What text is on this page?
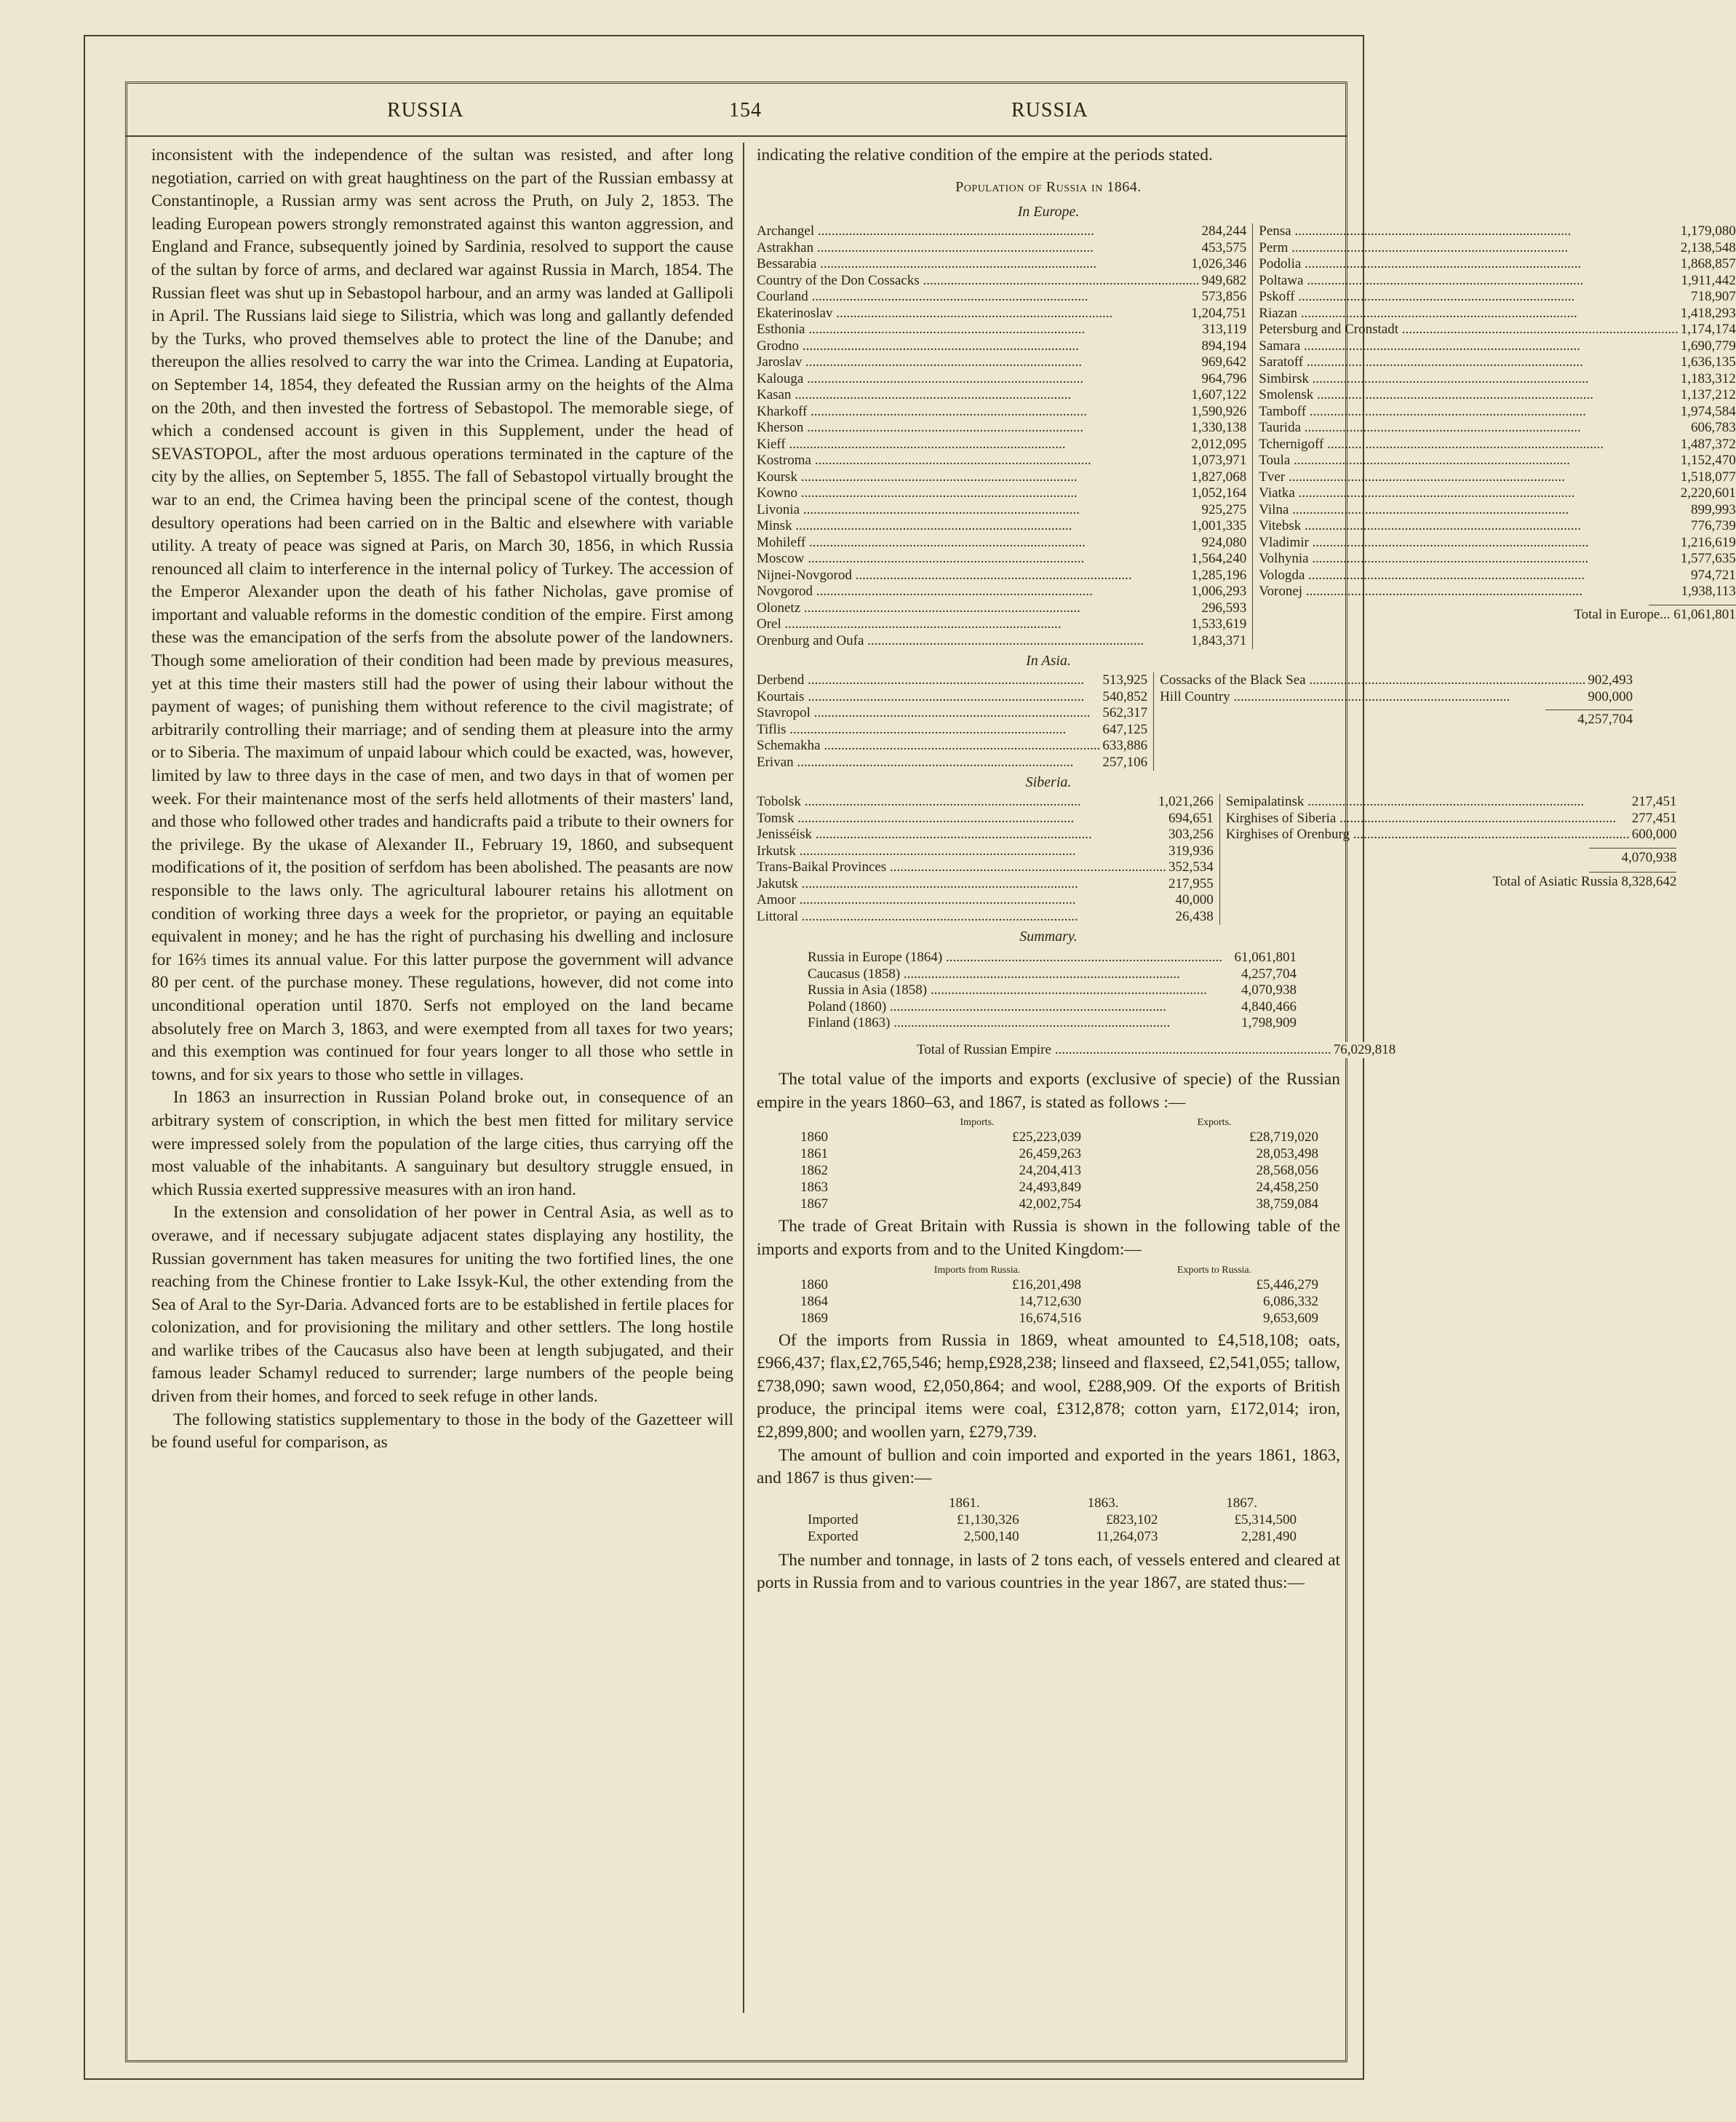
RUSSIA	154	RUSSIA

inconsistent with the independence of the sultan was resisted, and after long negotiation, carried on with great haughtiness on the part of the Russian embassy at Constantinople, a Russian army was sent across the Pruth, on July 2, 1853. The leading European powers strongly remonstrated against this wanton aggression, and England and France, subsequently joined by Sardinia, resolved to support the cause of the sultan by force of arms, and declared war against Russia in March, 1854. The Russian fleet was shut up in Sebastopol harbour, and an army was landed at Gallipoli in April. The Russians laid siege to Silistria, which was long and gallantly defended by the Turks, who proved themselves able to protect the line of the Danube; and thereupon the allies resolved to carry the war into the Crimea. Landing at Eupatoria, on September 14, 1854, they defeated the Russian army on the heights of the Alma on the 20th, and then invested the fortress of Sebastopol. The memorable siege, of which a condensed account is given in this Supplement, under the head of SEVASTOPOL, after the most arduous operations terminated in the capture of the city by the allies, on September 5, 1855. The fall of Sebastopol virtually brought the war to an end, the Crimea having been the principal scene of the contest, though desultory operations had been carried on in the Baltic and elsewhere with variable utility. A treaty of peace was signed at Paris, on March 30, 1856, in which Russia renounced all claim to interference in the internal policy of Turkey. The accession of the Emperor Alexander upon the death of his father Nicholas, gave promise of important and valuable reforms in the domestic condition of the empire. First among these was the emancipation of the serfs from the absolute power of the landowners. Though some amelioration of their condition had been made by previous measures, yet at this time their masters still had the power of using their labour without the payment of wages; of punishing them without reference to the civil magistrate; of arbitrarily controlling their marriage; and of sending them at pleasure into the army or to Siberia. The maximum of unpaid labour which could be exacted, was, however, limited by law to three days in the case of men, and two days in that of women per week. For their maintenance most of the serfs held allotments of their masters' land, and those who followed other trades and handicrafts paid a tribute to their owners for the privilege. By the ukase of Alexander II., February 19, 1860, and subsequent modifications of it, the position of serfdom has been abolished. The peasants are now responsible to the laws only. The agricultural labourer retains his allotment on condition of working three days a week for the proprietor, or paying an equitable equivalent in money; and he has the right of purchasing his dwelling and inclosure for 16⅔ times its annual value. For this latter purpose the government will advance 80 per cent. of the purchase money. These regulations, however, did not come into unconditional operation until 1870. Serfs not employed on the land became absolutely free on March 3, 1863, and were exempted from all taxes for two years; and this exemption was continued for four years longer to all those who settle in towns, and for six years to those who settle in villages.

In 1863 an insurrection in Russian Poland broke out, in consequence of an arbitrary system of conscription, in which the best men fitted for military service were impressed solely from the population of the large cities, thus carrying off the most valuable of the inhabitants. A sanguinary but desultory struggle ensued, in which Russia exerted suppressive measures with an iron hand.

In the extension and consolidation of her power in Central Asia, as well as to overawe, and if necessary subjugate adjacent states displaying any hostility, the Russian government has taken measures for uniting the two fortified lines, the one reaching from the Chinese frontier to Lake Issyk-Kul, the other extending from the Sea of Aral to the Syr-Daria. Advanced forts are to be established in fertile places for colonization, and for provisioning the military and other settlers. The long hostile and warlike tribes of the Caucasus also have been at length subjugated, and their famous leader Schamyl reduced to surrender; large numbers of the people being driven from their homes, and forced to seek refuge in other lands.

The following statistics supplementary to those in the body of the Gazetteer will be found useful for comparison, as

indicating the relative condition of the empire at the periods stated.

Population of Russia in 1864.
In Europe.
Archangel .....	284,244
Astrakhan .....	453,575
Bessarabia .....	1,026,346
Country of the Don Cossacks .....	949,682
Courland .....	573,856
Ekaterinoslav .....	1,204,751
Esthonia .....	313,119
Grodno .....	894,194
Jaroslav .....	969,642
Kalouga .....	964,796
Kasan .....	1,607,122
Kharkoff .....	1,590,926
Kherson .....	1,330,138
Kieff .....	2,012,095
Kostroma .....	1,073,971
Koursk .....	1,827,068
Kowno .....	1,052,164
Livonia .....	925,275
Minsk .....	1,001,335
Mohileff .....	924,080
Moscow .....	1,564,240
Nijnei-Novgorod .....	1,285,196
Novgorod .....	1,006,293
Olonetz .....	296,593
Orel .....	1,533,619
Orenburg and Oufa .....	1,843,371
Pensa .....	1,179,080
Perm .....	2,138,548
Podolia .....	1,868,857
Poltawa .....	1,911,442
Pskoff .....	718,907
Riazan .....	1,418,293
Petersburg and Cronstadt .....	1,174,174
Samara .....	1,690,779
Saratoff .....	1,636,135
Simbirsk .....	1,183,312
Smolensk .....	1,137,212
Tamboff .....	1,974,584
Taurida .....	606,783
Tchernigoff .....	1,487,372
Toula .....	1,152,470
Tver .....	1,518,077
Viatka .....	2,220,601
Vilna .....	899,993
Vitebsk .....	776,739
Vladimir .....	1,216,619
Volhynia .....	1,577,635
Vologda .....	974,721
Voronej .....	1,938,113
Total in Europe... 61,061,801
In Asia.
Derbend .....	513,925
Kourtais .....	540,852
Stavropol .....	562,317
Tiflis .....	647,125
Schemakha .....	633,886
Erivan .....	257,106
Cossacks of the Black Sea .....	902,493
Hill Country .....	900,000
4,257,704
Siberia.
Tobolsk .....	1,021,266
Tomsk .....	694,651
Jenisséisk .....	303,256
Irkutsk .....	319,936
Trans-Baikal Provinces .....	352,534
Jakutsk .....	217,955
Amoor .....	40,000
Littoral .....	26,438
Semipalatinsk .....	217,451
Kirghises of Siberia .....	277,451
Kirghises of Orenburg .....	600,000
4,070,938
Total of Asiatic Russia 8,328,642
Summary.
Russia in Europe (1864) .....	61,061,801
Caucasus (1858) .....	4,257,704
Russia in Asia (1858) .....	4,070,938
Poland (1860) .....	4,840,466
Finland (1863) .....	1,798,909
Total of Russian Empire .....	76,029,818

The total value of the imports and exports (exclusive of specie) of the Russian empire in the years 1860–63, and 1867, is stated as follows :—

Imports.	Exports.
1860	£25,223,039	£28,719,020
1861	26,459,263	28,053,498
1862	24,204,413	28,568,056
1863	24,493,849	24,458,250
1867	42,002,754	38,759,084

The trade of Great Britain with Russia is shown in the following table of the imports and exports from and to the United Kingdom:—

Imports from Russia.	Exports to Russia.
1860	£16,201,498	£5,446,279
1864	14,712,630	6,086,332
1869	16,674,516	9,653,609

Of the imports from Russia in 1869, wheat amounted to £4,518,108; oats,£966,437; flax,£2,765,546; hemp,£928,238; linseed and flaxseed, £2,541,055; tallow, £738,090; sawn wood, £2,050,864; and wool, £288,909. Of the exports of British produce, the principal items were coal, £312,878; cotton yarn, £172,014; iron, £2,899,800; and woollen yarn, £279,739.

The amount of bullion and coin imported and exported in the years 1861, 1863, and 1867 is thus given:—

1861.	1863.	1867.
Imported	£1,130,326	£823,102	£5,314,500
Exported	2,500,140	11,264,073	2,281,490

The number and tonnage, in lasts of 2 tons each, of vessels entered and cleared at ports in Russia from and to various countries in the year 1867, are stated thus:—
